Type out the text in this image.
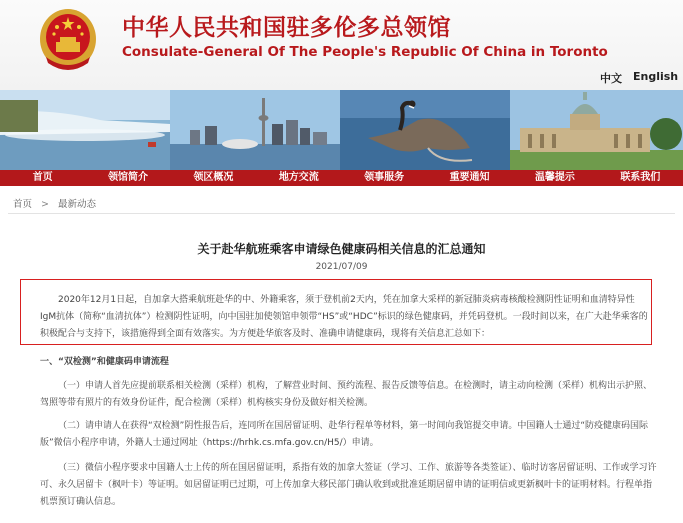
中华人民共和国驻多伦多总领馆
Consulate-General Of The People's Republic Of China in Toronto
中文 English
首页	领馆简介	领区概况	地方交流	领事服务	重要通知	温馨提示	联系我们
首页 > 最新动态
关于赴华航班乘客申请绿色健康码相关信息的汇总通知
2021/07/09

2020年12月1日起，自加拿大搭乘航班赴华的中、外籍乘客，须于登机前2天内，凭在加拿大采样的新冠肺炎病毒核酸检测阴性证明和血清特异性IgM抗体（简称“血清抗体”）检测阴性证明，向中国驻加使领馆申领带“HS”或“HDC”标识的绿色健康码，并凭码登机。一段时间以来，在广大赴华乘客的积极配合与支持下，该措施得到全面有效落实。为方便赴华旅客及时、准确申请健康码，现将有关信息汇总如下：

一、“双检测”和健康码申请流程

（一）申请人首先应提前联系相关检测（采样）机构，了解营业时间、预约流程、报告反馈等信息。在检测时，请主动向检测（采样）机构出示护照、驾照等带有照片的有效身份证件，配合检测（采样）机构核实身份及做好相关检测。

（二）请申请人在获得“双检测”阴性报告后，连同所在国居留证明、赴华行程单等材料，第一时间向我馆提交申请。中国籍人士通过“防疫健康码国际版”微信小程序申请，外籍人士通过网址（https://hrhk.cs.mfa.gov.cn/H5/）申请。

（三）微信小程序要求中国籍人士上传的所在国居留证明，系指有效的加拿大签证（学习、工作、旅游等各类签证）、临时访客居留证明、工作或学习许可、永久居留卡（枫叶卡）等证明。如居留证明已过期，可上传加拿大移民部门确认收到或批准延期居留申请的证明信或更新枫叶卡的证明材料。行程单指机票预订确认信息。
